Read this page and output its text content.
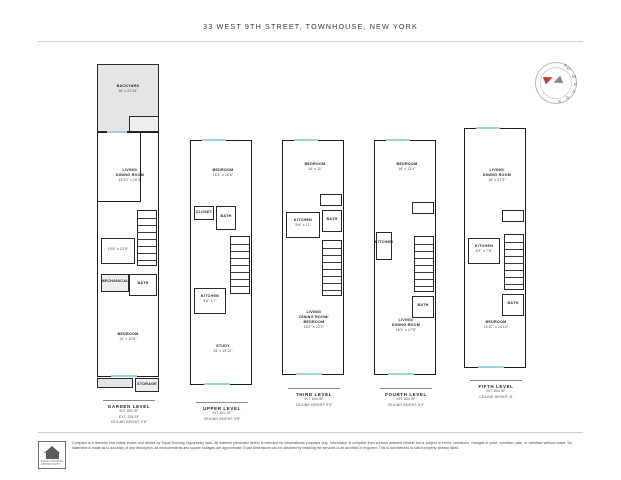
33 WEST 9TH STREET, TOWNHOUSE, NEW YORK
C
O
M
P
A
S
S
BACKYARD
16' x 21'10"
LIVING/
DINING ROOM
15'10" x 20'3"
10'4" x 13'9"
MECHANICAL	BATH
BEDROOM
14' x 10'8"
STORAGE
GARDEN LEVEL
INT. 891 SF
EXT. 226 SF
CEILING HEIGHT: 9'8"
BEDROOM
16'3" x 16'8"
CLOSET
BATH
KITCHEN
9'6" x 7'
STUDY
15' x 13'10"
UPPER LEVEL
INT. 621 SF
CEILING HEIGHT: 9'8"
BEDROOM
16' x 11'
KITCHEN
9'6" x 11'
BATH
LIVING/
DINING ROOM/
BEDROOM
16'2" x 22'2"
THIRD LEVEL
INT. 604 SF
CEILING HEIGHT: 9'3"
BEDROOM
16' x 13'4"
KITCHEN
BATH
LIVING/
DINING ROOM
16'2" x 17'8"
FOURTH LEVEL
INT. 604 SF
CEILING HEIGHT: 8'3"
LIVING/
DINING ROOM
16' x 27'3"
KITCHEN
6'3" x 7'8"
BATH
BEDROOM
15'10" x 14'10"
FIFTH LEVEL
INT. 604 SF
CEILING HEIGHT: 8'
EQUAL HOUSING
OPPORTUNITY
Compass is a licensed real estate broker and abides by Equal Housing Opportunity laws. All material presented herein is intended for informational purposes only. Information is compiled from sources deemed reliable but is subject to errors, omissions, changes in price, condition, sale, or withdraw without notice. No statement is made as to accuracy of any description. All measurements and square footages are approximate. Exact dimensions can be obtained by retaining the services of an architect or engineer. This is not intended to solicit property already listed.
